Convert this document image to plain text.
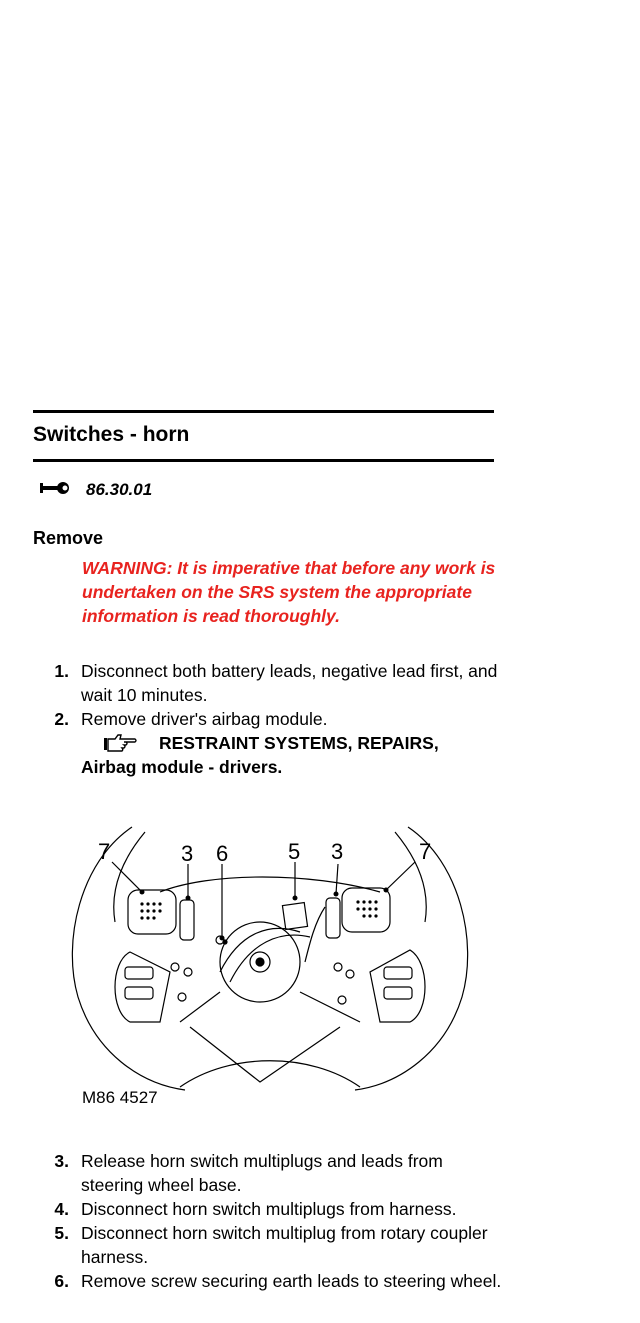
Switches - horn
86.30.01
Remove
WARNING: It is imperative that before any work is undertaken on the SRS system the appropriate information is read thoroughly.
1. Disconnect both battery leads, negative lead first, and wait 10 minutes.
2. Remove driver's airbag module.
RESTRAINT SYSTEMS, REPAIRS,
Airbag module - drivers.
7	3 6	5 3	7
M86 4527
3. Release horn switch multiplugs and leads from steering wheel base.
4. Disconnect horn switch multiplugs from harness.
5. Disconnect horn switch multiplug from rotary coupler harness.
6. Remove screw securing earth leads to steering wheel.
